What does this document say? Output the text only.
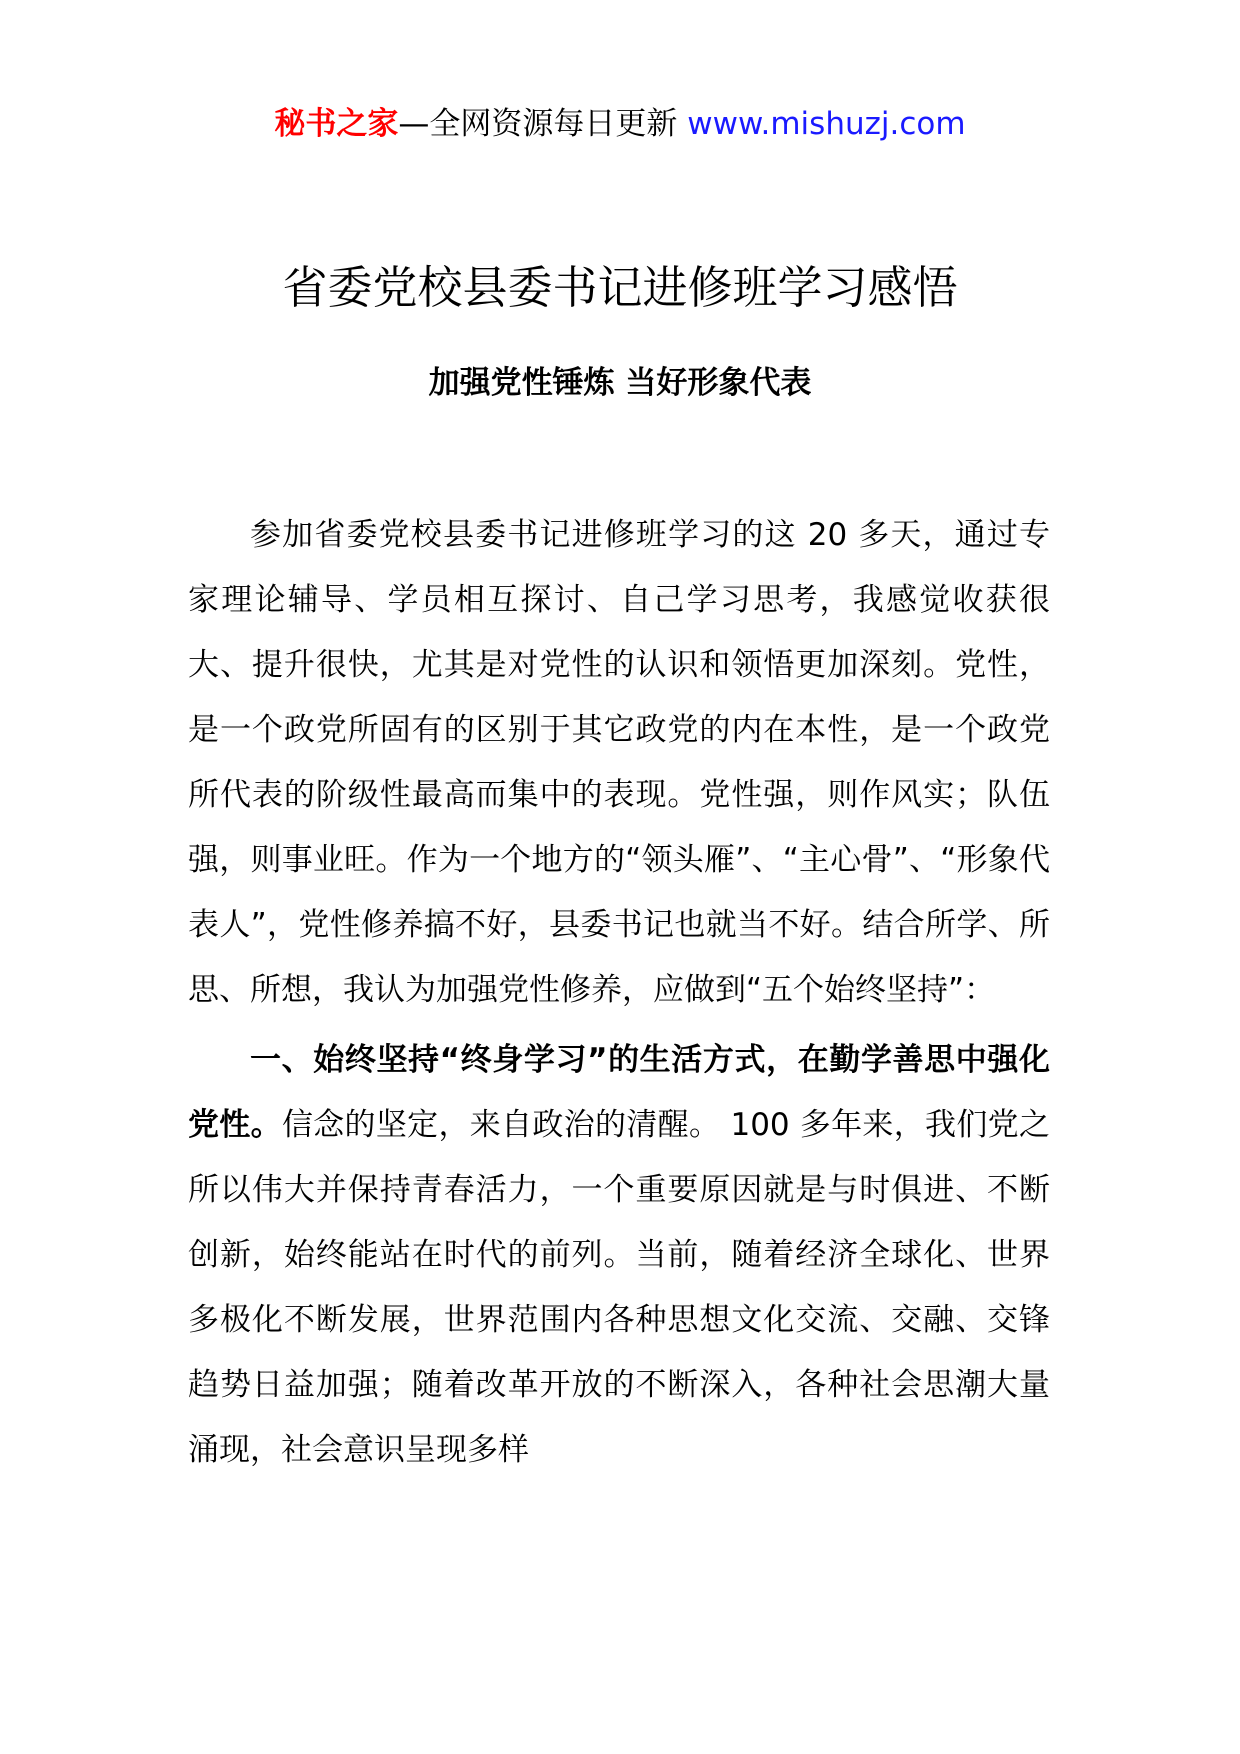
秘书之家—全网资源每日更新 www.mishuzj.com
省委党校县委书记进修班学习感悟
加强党性锤炼 当好形象代表

参加省委党校县委书记进修班学习的这 20 多天，通过专家理论辅导、学员相互探讨、自己学习思考，我感觉收获很大、提升很快，尤其是对党性的认识和领悟更加深刻。党性，是一个政党所固有的区别于其它政党的内在本性，是一个政党所代表的阶级性最高而集中的表现。党性强，则作风实；队伍强，则事业旺。作为一个地方的“领头雁”、“主心骨”、“形象代表人”，党性修养搞不好，县委书记也就当不好。结合所学、所思、所想，我认为加强党性修养，应做到“五个始终坚持”：

一、始终坚持“终身学习”的生活方式，在勤学善思中强化党性。信念的坚定，来自政治的清醒。 100 多年来，我们党之所以伟大并保持青春活力，一个重要原因就是与时俱进、不断创新，始终能站在时代的前列。当前，随着经济全球化、世界多极化不断发展，世界范围内各种思想文化交流、交融、交锋趋势日益加强；随着改革开放的不断深入，各种社会思潮大量涌现，社会意识呈现多样
